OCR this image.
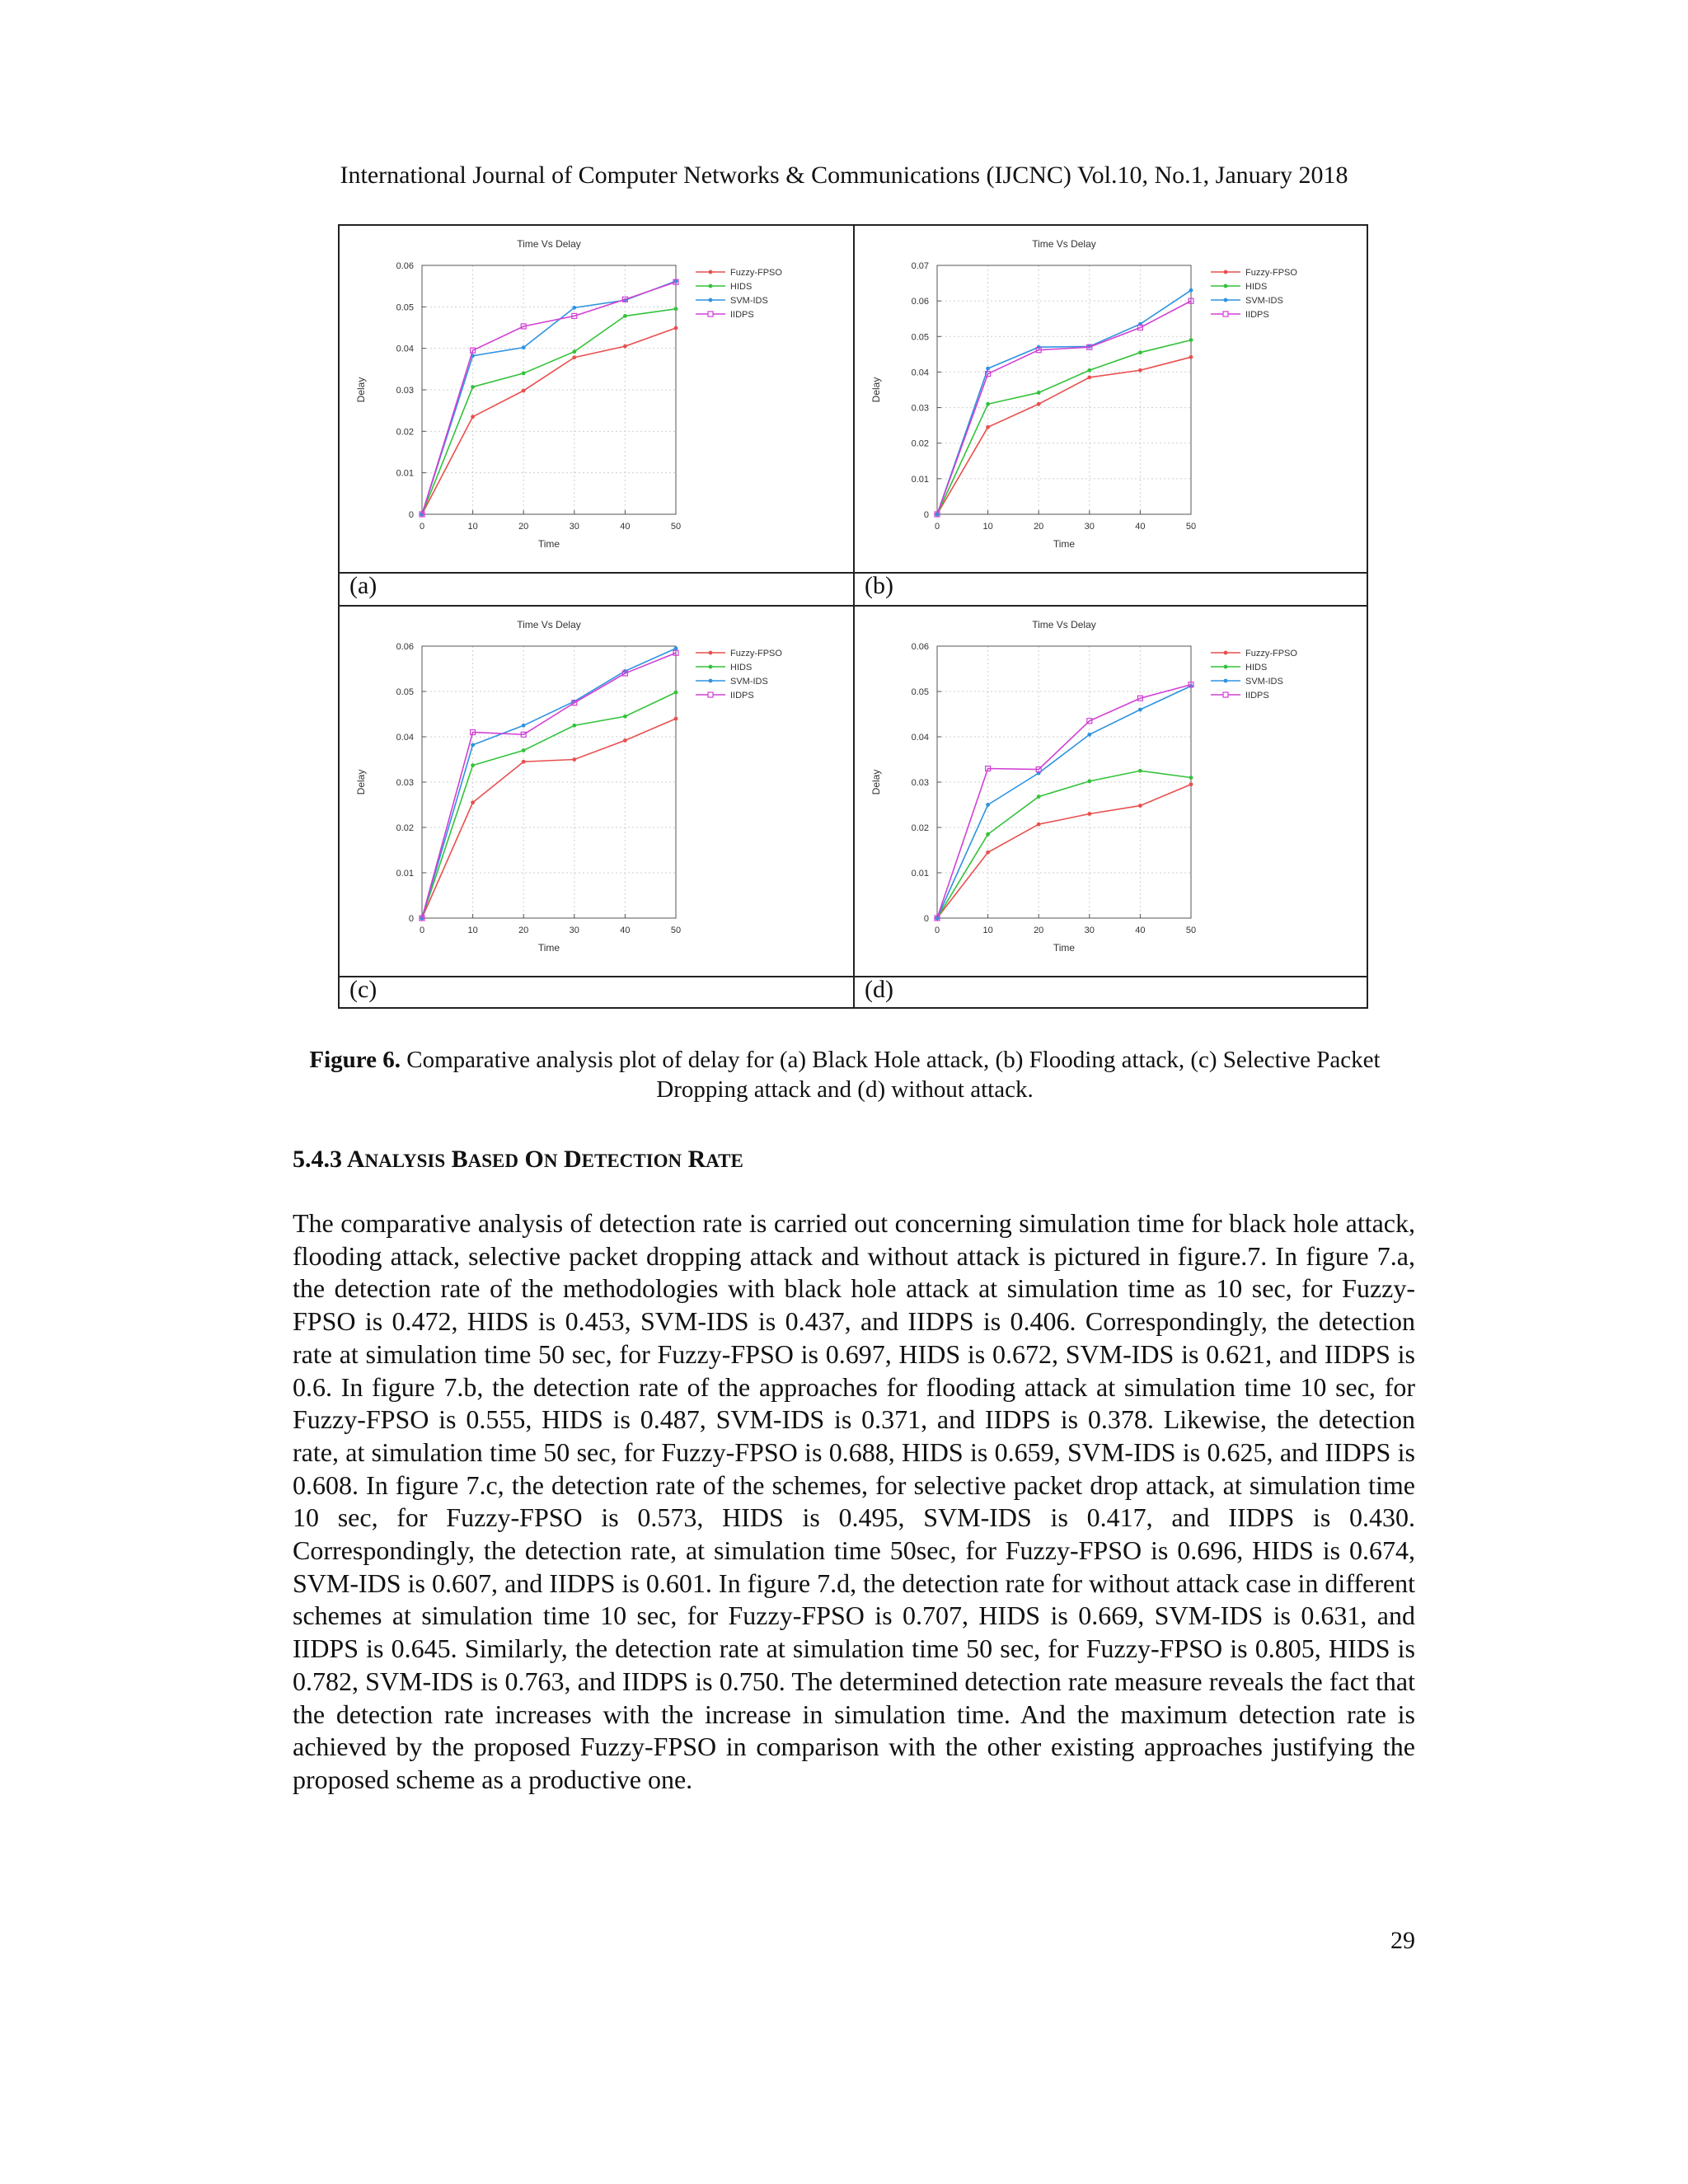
International Journal of Computer Networks & Communications (IJCNC) Vol.10, No.1, January 2018
0
0.01
0.02
0.03
0.04
0.05
0.06
0	10	20	30	40	50
Time Vs Delay
Time
Delay
Fuzzy-FPSO
HIDS
SVM-IDS
IIDPS
0
0.01
0.02
0.03
0.04
0.05
0.06
0.07
0	10	20	30	40	50
Time Vs Delay
Time
Delay
Fuzzy-FPSO
HIDS
SVM-IDS
IIDPS
0
0.01
0.02
0.03
0.04
0.05
0.06
0	10	20	30	40	50
Time Vs Delay
Time
Delay
Fuzzy-FPSO
HIDS
SVM-IDS
IIDPS
0
0.01
0.02
0.03
0.04
0.05
0.06
0	10	20	30	40	50
Time Vs Delay
Time
Delay
Fuzzy-FPSO
HIDS
SVM-IDS
IIDPS
(a)	(b)
(c)	(d)
Figure 6. Comparative analysis plot of delay for (a) Black Hole attack, (b) Flooding attack, (c) Selective Packet Dropping attack and (d) without attack.
5.4.3 ANALYSIS BASED ON DETECTION RATE
The comparative analysis of detection rate is carried out concerning simulation time for black hole attack, flooding attack, selective packet dropping attack and without attack is pictured in figure.7. In figure 7.a, the detection rate of the methodologies with black hole attack at simulation time as 10 sec, for Fuzzy-FPSO is 0.472, HIDS is 0.453, SVM-IDS is 0.437, and IIDPS is 0.406. Correspondingly, the detection rate at simulation time 50 sec, for Fuzzy-FPSO is 0.697, HIDS is 0.672, SVM-IDS is 0.621, and IIDPS is 0.6. In figure 7.b, the detection rate of the approaches for flooding attack at simulation time 10 sec, for Fuzzy-FPSO is 0.555, HIDS is 0.487, SVM-IDS is 0.371, and IIDPS is 0.378. Likewise, the detection rate, at simulation time 50 sec, for Fuzzy-FPSO is 0.688, HIDS is 0.659, SVM-IDS is 0.625, and IIDPS is 0.608. In figure 7.c, the detection rate of the schemes, for selective packet drop attack, at simulation time 10 sec, for Fuzzy-FPSO is 0.573, HIDS is 0.495, SVM-IDS is 0.417, and IIDPS is 0.430. Correspondingly, the detection rate, at simulation time 50sec, for Fuzzy-FPSO is 0.696, HIDS is 0.674, SVM-IDS is 0.607, and IIDPS is 0.601. In figure 7.d, the detection rate for without attack case in different schemes at simulation time 10 sec, for Fuzzy-FPSO is 0.707, HIDS is 0.669, SVM-IDS is 0.631, and IIDPS is 0.645. Similarly, the detection rate at simulation time 50 sec, for Fuzzy-FPSO is 0.805, HIDS is 0.782, SVM-IDS is 0.763, and IIDPS is 0.750. The determined detection rate measure reveals the fact that the detection rate increases with the increase in simulation time. And the maximum detection rate is achieved by the proposed Fuzzy-FPSO in comparison with the other existing approaches justifying the proposed scheme as a productive one.
29
